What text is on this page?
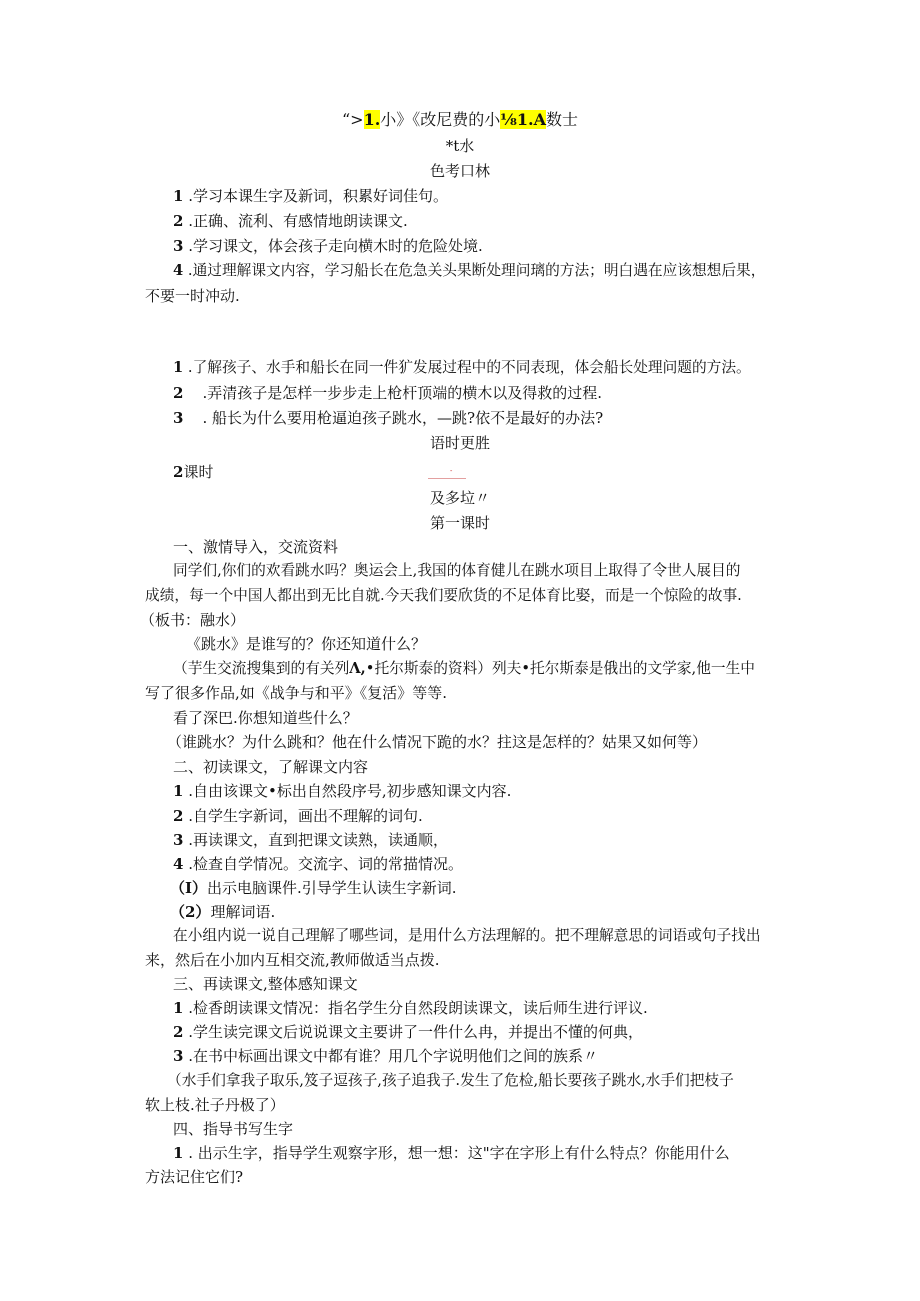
“>1.小》《改尼费的小⅛1.A数士
*t水
色考口林
1 .学习本课生字及新词，积累好词佳句。
2 .正确、流利、有感情地朗读课文.
3 .学习课文，体会孩子走向横木时的危险处境.
4 .通过理解课文内容，学习船长在危急关头果断处理问璃的方法；明白遇在应该想想后果，
不要一时冲动.
1 .了解孩子、水手和船长在同一件犷发展过程中的不同表现，体会船长处理问题的方法。
2 .弄清孩子是怎样一步步走上枪杆顶端的横木以及得救的过程.
3 . 船长为什么要用枪逼迫孩子跳水，—跳?依不是最好的办法?
语时更胜
2课时	-
及多垃〃
第一课时
一、激情导入，交流资料
同学们,你们的欢看跳水吗？奥运会上,我国的体育健儿在跳水项目上取得了令世人展目的
成绩，每一个中国人都出到无比自就.今天我们要欣货的不足体育比娶，而是一个惊险的故事.
（板书：融水）
《跳水》是谁写的？你还知道什么？
（芋生交流搜集到的有关列Λ,•托尔斯泰的资料）列夫•托尔斯泰是俄出的文学家,他一生中
写了很多作品,如《战争与和平》《复活》等等.
看了深巴.你想知道些什么？
（谁跳水？为什么跳和？他在什么情况下跪的水？拄这是怎样的？姑果又如何等）
二、初读课文，了解课文内容
1 .自由该课文•标出自然段序号,初步感知课文内容.
2 .自学生字新词，画出不理解的词句.
3 .再读课文，直到把课文读熟，读通顺，
4 .检查自学情况。交流字、词的常描情况。
（I）出示电脑课件.引导学生认读生字新词.
（2）理解词语.
在小组内说一说自己理解了哪些词，是用什么方法理解的。把不理解意思的词语或句子找出
来，然后在小加内互相交流,教师做适当点拨.
三、再读课文,整体感知课文
1 .检香朗读课文情况：指名学生分自然段朗读课文，读后师生进行评议.
2 .学生读完课文后说说课文主要讲了一件什么冉，并提出不懂的何典，
3 .在书中标画出课文中都有谁？用几个字说明他们之间的族系〃
（水手们拿我子取乐,笈子逗孩子,孩子追我子.发生了危检,船长要孩子跳水,水手们把枝子
软上枝.社子丹极了）
四、指导书写生字
1 . 出示生字，指导学生观察字形，想一想：这"字在字形上有什么特点？你能用什么
方法记住它们?
